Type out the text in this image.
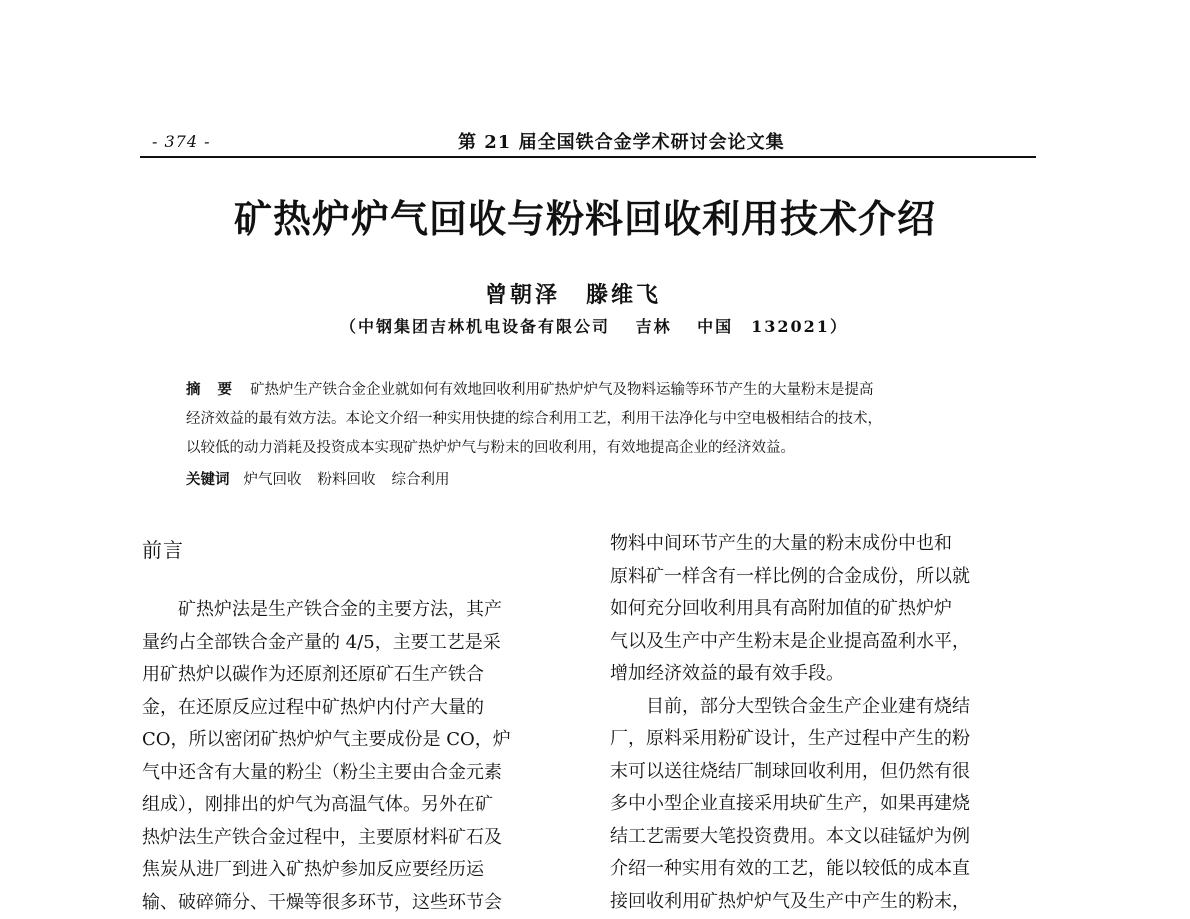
- 374 -	第 21 届全国铁合金学术研讨会论文集
矿热炉炉气回收与粉料回收利用技术介绍
曾朝泽 滕维飞
（中钢集团吉林机电设备有限公司　 吉林　 中国　132021）
摘 要 矿热炉生产铁合金企业就如何有效地回收利用矿热炉炉气及物料运输等环节产生的大量粉末是提高
经济效益的最有效方法。本论文介绍一种实用快捷的综合利用工艺，利用干法净化与中空电极相结合的技术，
以较低的动力消耗及投资成本实现矿热炉炉气与粉末的回收利用，有效地提高企业的经济效益。
关键词 炉气回收 粉料回收 综合利用
前言
　　矿热炉法是生产铁合金的主要方法，其产
量约占全部铁合金产量的 4/5，主要工艺是采
用矿热炉以碳作为还原剂还原矿石生产铁合
金，在还原反应过程中矿热炉内付产大量的
CO，所以密闭矿热炉炉气主要成份是 CO，炉
气中还含有大量的粉尘（粉尘主要由合金元素
组成），刚排出的炉气为高温气体。另外在矿
热炉法生产铁合金过程中，主要原材料矿石及
焦炭从进厂到进入矿热炉参加反应要经历运
输、破碎筛分、干燥等很多环节，这些环节会
物料中间环节产生的大量的粉末成份中也和
原料矿一样含有一样比例的合金成份，所以就
如何充分回收利用具有高附加值的矿热炉炉
气以及生产中产生粉末是企业提高盈利水平，
增加经济效益的最有效手段。
　　目前，部分大型铁合金生产企业建有烧结
厂，原料采用粉矿设计，生产过程中产生的粉
末可以送往烧结厂制球回收利用，但仍然有很
多中小型企业直接采用块矿生产，如果再建烧
结工艺需要大笔投资费用。本文以硅锰炉为例
介绍一种实用有效的工艺，能以较低的成本直
接回收利用矿热炉炉气及生产中产生的粉末，
